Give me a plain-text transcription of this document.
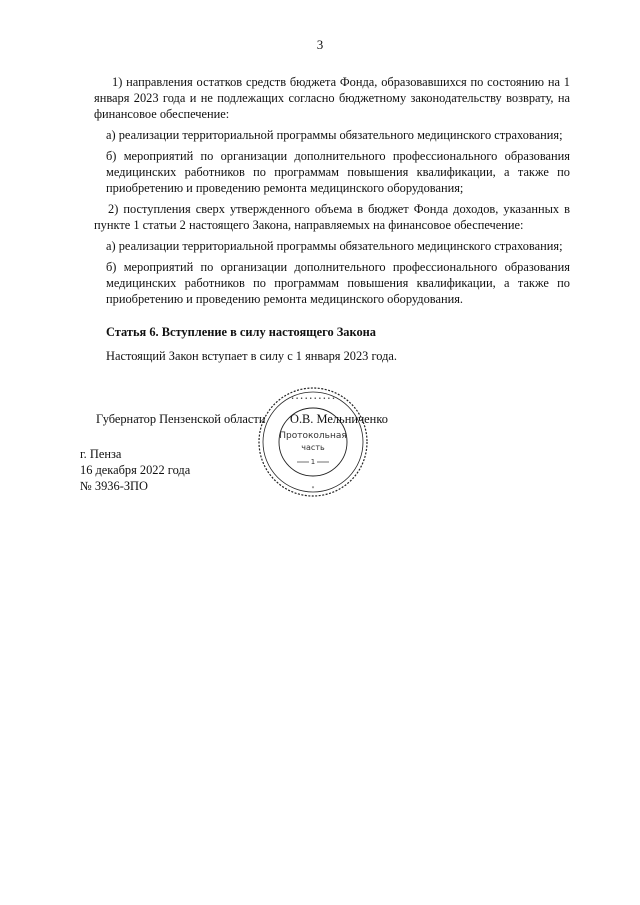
3

1) направления остатков средств бюджета Фонда, образовавшихся по состоянию на 1 января 2023 года и не подлежащих согласно бюджетному законодательству возврату, на финансовое обеспечение:

а) реализации территориальной программы обязательного медицинского страхования;

б) мероприятий по организации дополнительного профессионального образования медицинских работников по программам повышения квалификации, а также по приобретению и проведению ремонта медицинского оборудования;

2) поступления сверх утвержденного объема в бюджет Фонда доходов, указанных в пункте 1 статьи 2 настоящего Закона, направляемых на финансовое обеспечение:

а) реализации территориальной программы обязательного медицинского страхования;

б) мероприятий по организации дополнительного профессионального образования медицинских работников по программам повышения квалификации, а также по приобретению и проведению ремонта медицинского оборудования.

Статья 6. Вступление в силу настоящего Закона
Настоящий Закон вступает в силу с 1 января 2023 года.
Губернатор Пензенской области О.В. Мельниченко
г. Пенза
16 декабря 2022 года
№ 3936-ЗПО
• • • • • • • • • •
*
Протокольная
часть
1
